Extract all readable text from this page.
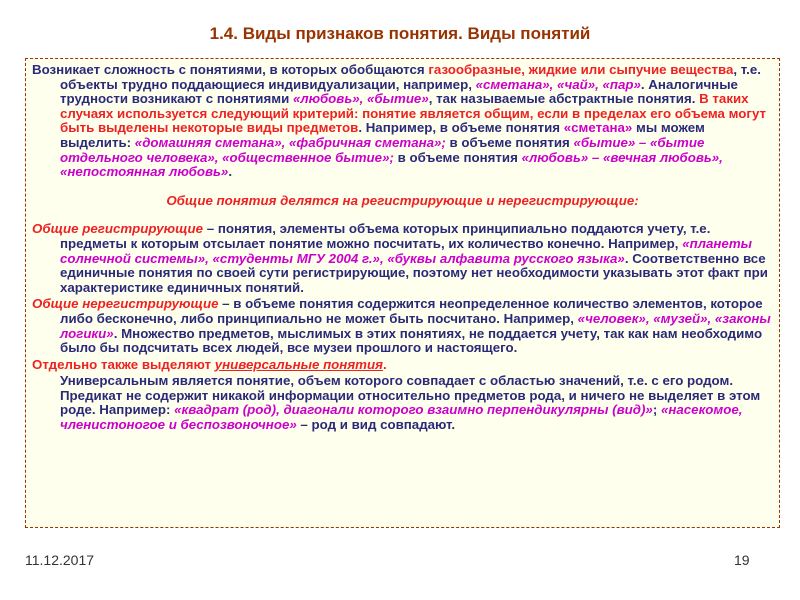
1.4. Виды признаков понятия. Виды понятий

Возникает сложность с понятиями, в которых обобщаются газообразные, жидкие или сыпучие вещества, т.е. объекты трудно поддающиеся индивидуализации, например, «сметана», «чай», «пар». Аналогичные трудности возникают с понятиями «любовь», «бытие», так называемые абстрактные понятия. В таких случаях используется следующий критерий: понятие является общим, если в пределах его объема могут быть выделены некоторые виды предметов. Например, в объеме понятия «сметана» мы можем выделить: «домашняя сметана», «фабричная сметана»; в объеме понятия «бытие» – «бытие отдельного человека», «общественное бытие»; в объеме понятия «любовь» – «вечная любовь», «непостоянная любовь».

Общие понятия делятся на регистрирующие и нерегистрирующие:

Общие регистрирующие – понятия, элементы объема которых принципиально поддаются учету, т.е. предметы к которым отсылает понятие можно посчитать, их количество конечно. Например, «планеты солнечной системы», «студенты МГУ 2004 г.», «буквы алфавита русского языка». Соответственно все единичные понятия по своей сути регистрирующие, поэтому нет необходимости указывать этот факт при характеристике единичных понятий.

Общие нерегистрирующие – в объеме понятия содержится неопределенное количество элементов, которое либо бесконечно, либо принципиально не может быть посчитано. Например, «человек», «музей», «законы логики». Множество предметов, мыслимых в этих понятиях, не поддается учету, так как нам необходимо было бы подсчитать всех людей, все музеи прошлого и настоящего.

Отдельно также выделяют универсальные понятия.

Универсальным является понятие, объем которого совпадает с областью значений, т.е. с его родом. Предикат не содержит никакой информации относительно предметов рода, и ничего не выделяет в этом роде. Например: «квадрат (род), диагонали которого взаимно перпендикулярны (вид)»; «насекомое, членистоногое и беспозвоночное» – род и вид совпадают.

11.12.2017	19
